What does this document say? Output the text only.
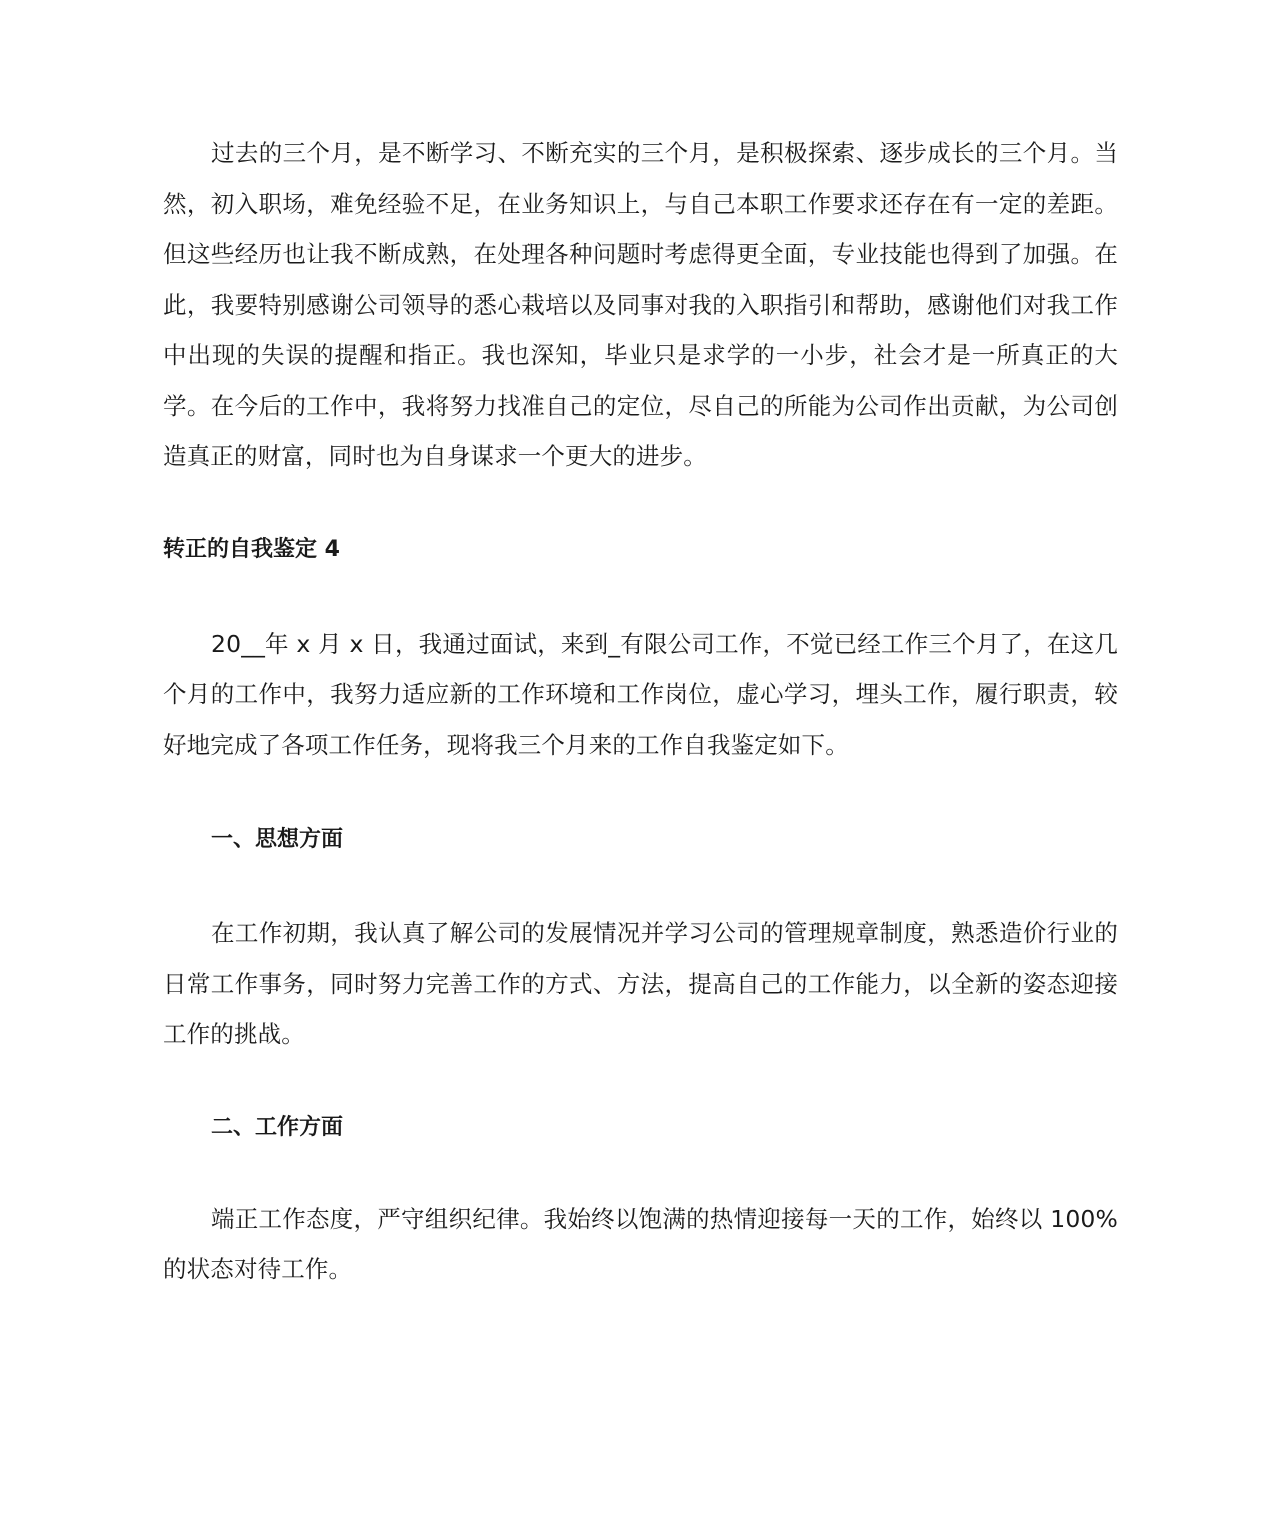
过去的三个月，是不断学习、不断充实的三个月，是积极探索、逐步成长的三个月。当然，初入职场，难免经验不足，在业务知识上，与自己本职工作要求还存在有一定的差距。但这些经历也让我不断成熟，在处理各种问题时考虑得更全面，专业技能也得到了加强。在此，我要特别感谢公司领导的悉心栽培以及同事对我的入职指引和帮助，感谢他们对我工作中出现的失误的提醒和指正。我也深知，毕业只是求学的一小步，社会才是一所真正的大学。在今后的工作中，我将努力找准自己的定位，尽自己的所能为公司作出贡献，为公司创造真正的财富，同时也为自身谋求一个更大的进步。

转正的自我鉴定 4

20__年 x 月 x 日，我通过面试，来到_有限公司工作，不觉已经工作三个月了，在这几个月的工作中，我努力适应新的工作环境和工作岗位，虚心学习，埋头工作，履行职责，较好地完成了各项工作任务，现将我三个月来的工作自我鉴定如下。

一、思想方面

在工作初期，我认真了解公司的发展情况并学习公司的管理规章制度，熟悉造价行业的日常工作事务，同时努力完善工作的方式、方法，提高自己的工作能力，以全新的姿态迎接工作的挑战。

二、工作方面

端正工作态度，严守组织纪律。我始终以饱满的热情迎接每一天的工作，始终以 100%的状态对待工作。
